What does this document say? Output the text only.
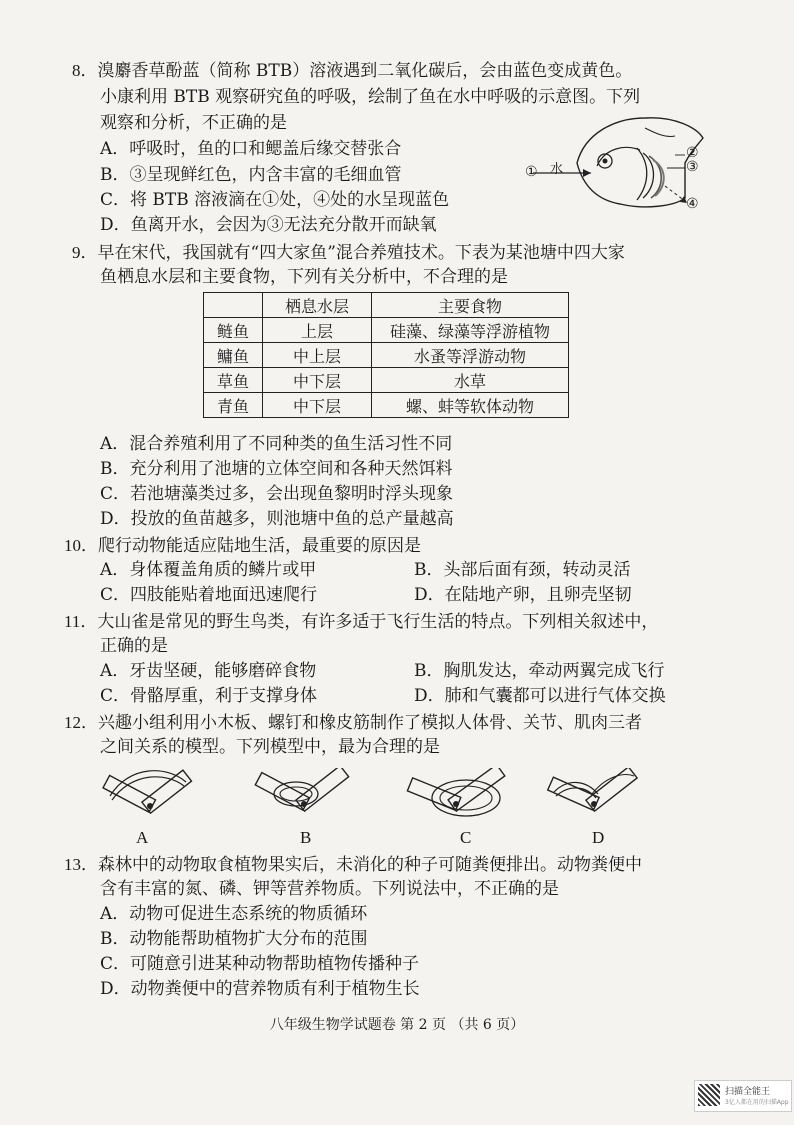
8．溴麝香草酚蓝（简称 BTB）溶液遇到二氧化碳后，会由蓝色变成黄色。
小康利用 BTB 观察研究鱼的呼吸，绘制了鱼在水中呼吸的示意图。下列
观察和分析，不正确的是
A．呼吸时，鱼的口和鳃盖后缘交替张合
B．③呈现鲜红色，内含丰富的毛细血管
C．将 BTB 溶液滴在①处，④处的水呈现蓝色
D．鱼离开水，会因为③无法充分散开而缺氧
水
①
②
③
④
9．早在宋代，我国就有“四大家鱼”混合养殖技术。下表为某池塘中四大家
鱼栖息水层和主要食物，下列有关分析中，不合理的是
	栖息水层	主要食物
鲢鱼	上层	硅藻、绿藻等浮游植物
鳙鱼	中上层	水蚤等浮游动物
草鱼	中下层	水草
青鱼	中下层	螺、蚌等软体动物
A．混合养殖利用了不同种类的鱼生活习性不同
B．充分利用了池塘的立体空间和各种天然饵料
C．若池塘藻类过多，会出现鱼黎明时浮头现象
D．投放的鱼苗越多，则池塘中鱼的总产量越高
10．爬行动物能适应陆地生活，最重要的原因是
A．身体覆盖角质的鳞片或甲	B．头部后面有颈，转动灵活
C．四肢能贴着地面迅速爬行	D．在陆地产卵，且卵壳坚韧
11．大山雀是常见的野生鸟类，有许多适于飞行生活的特点。下列相关叙述中，
正确的是
A．牙齿坚硬，能够磨碎食物	B．胸肌发达，牵动两翼完成飞行
C．骨骼厚重，利于支撑身体	D．肺和气囊都可以进行气体交换
12．兴趣小组利用小木板、螺钉和橡皮筋制作了模拟人体骨、关节、肌肉三者
之间关系的模型。下列模型中，最为合理的是
A	B	C	D
13．森林中的动物取食植物果实后，未消化的种子可随粪便排出。动物粪便中
含有丰富的氮、磷、钾等营养物质。下列说法中，不正确的是
A．动物可促进生态系统的物质循环
B．动物能帮助植物扩大分布的范围
C．可随意引进某种动物帮助植物传播种子
D．动物粪便中的营养物质有利于植物生长
八年级生物学试题卷 第 2 页 （共 6 页）
扫描全能王
3亿人都在用的扫描App
